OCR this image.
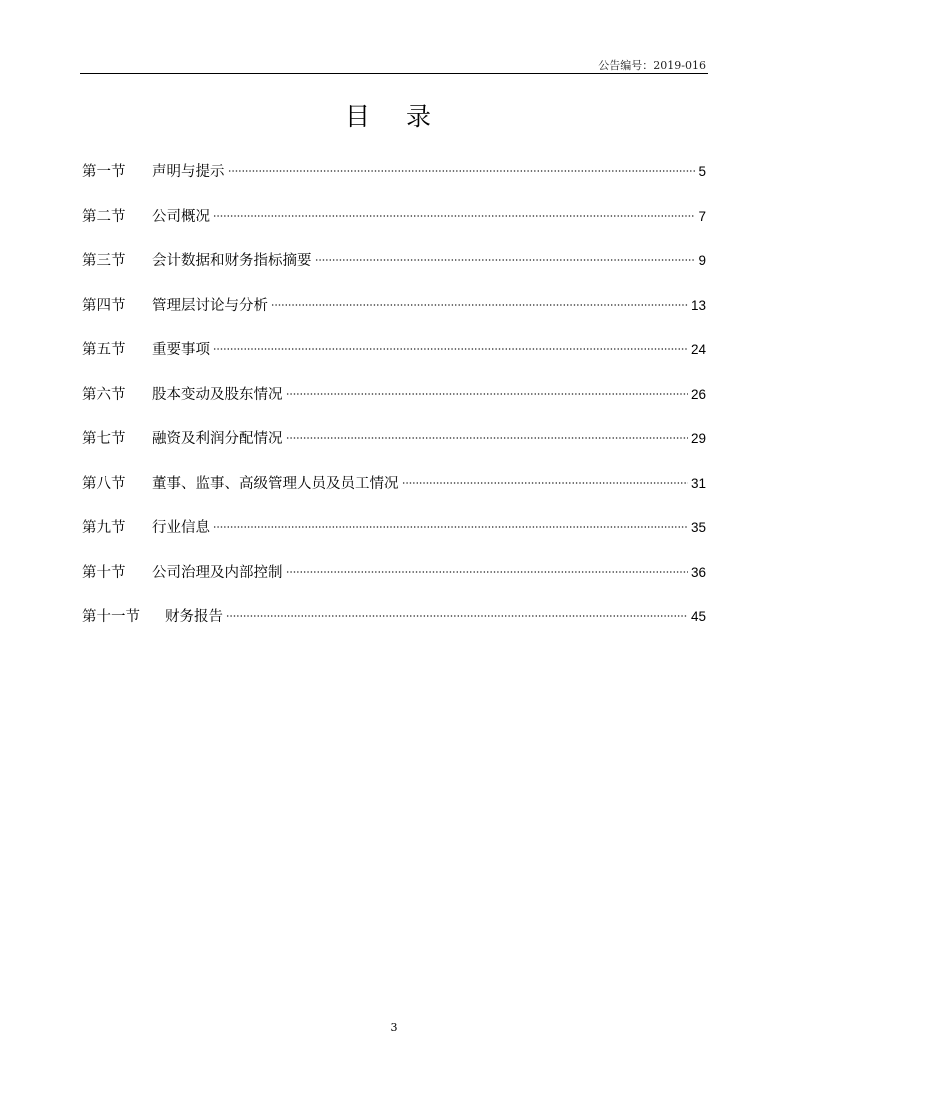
公告编号：2019-016
目 录
第一节	声明与提示	5
第二节	公司概况	7
第三节	会计数据和财务指标摘要	9
第四节	管理层讨论与分析	13
第五节	重要事项	24
第六节	股本变动及股东情况	26
第七节	融资及利润分配情况	29
第八节	董事、监事、高级管理人员及员工情况	31
第九节	行业信息	35
第十节	公司治理及内部控制	36
第十一节	财务报告	45
3
